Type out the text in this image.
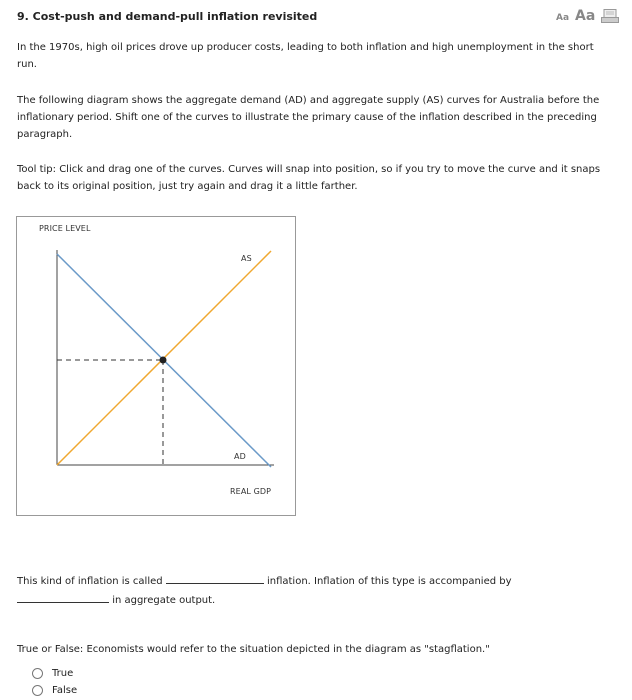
9. Cost-push and demand-pull inflation revisited	Aa Aa
In the 1970s, high oil prices drove up producer costs, leading to both inflation and high unemployment in the short run.
The following diagram shows the aggregate demand (AD) and aggregate supply (AS) curves for Australia before the inflationary period. Shift one of the curves to illustrate the primary cause of the inflation described in the preceding paragraph.
Tool tip: Click and drag one of the curves. Curves will snap into position, so if you try to move the curve and it snaps back to its original position, just try again and drag it a little farther.
PRICE LEVEL
AS
AD
REAL GDP
This kind of inflation is called	inflation. Inflation of this type is accompanied by
in aggregate output.
True or False: Economists would refer to the situation depicted in the diagram as "stagflation."
True
False
